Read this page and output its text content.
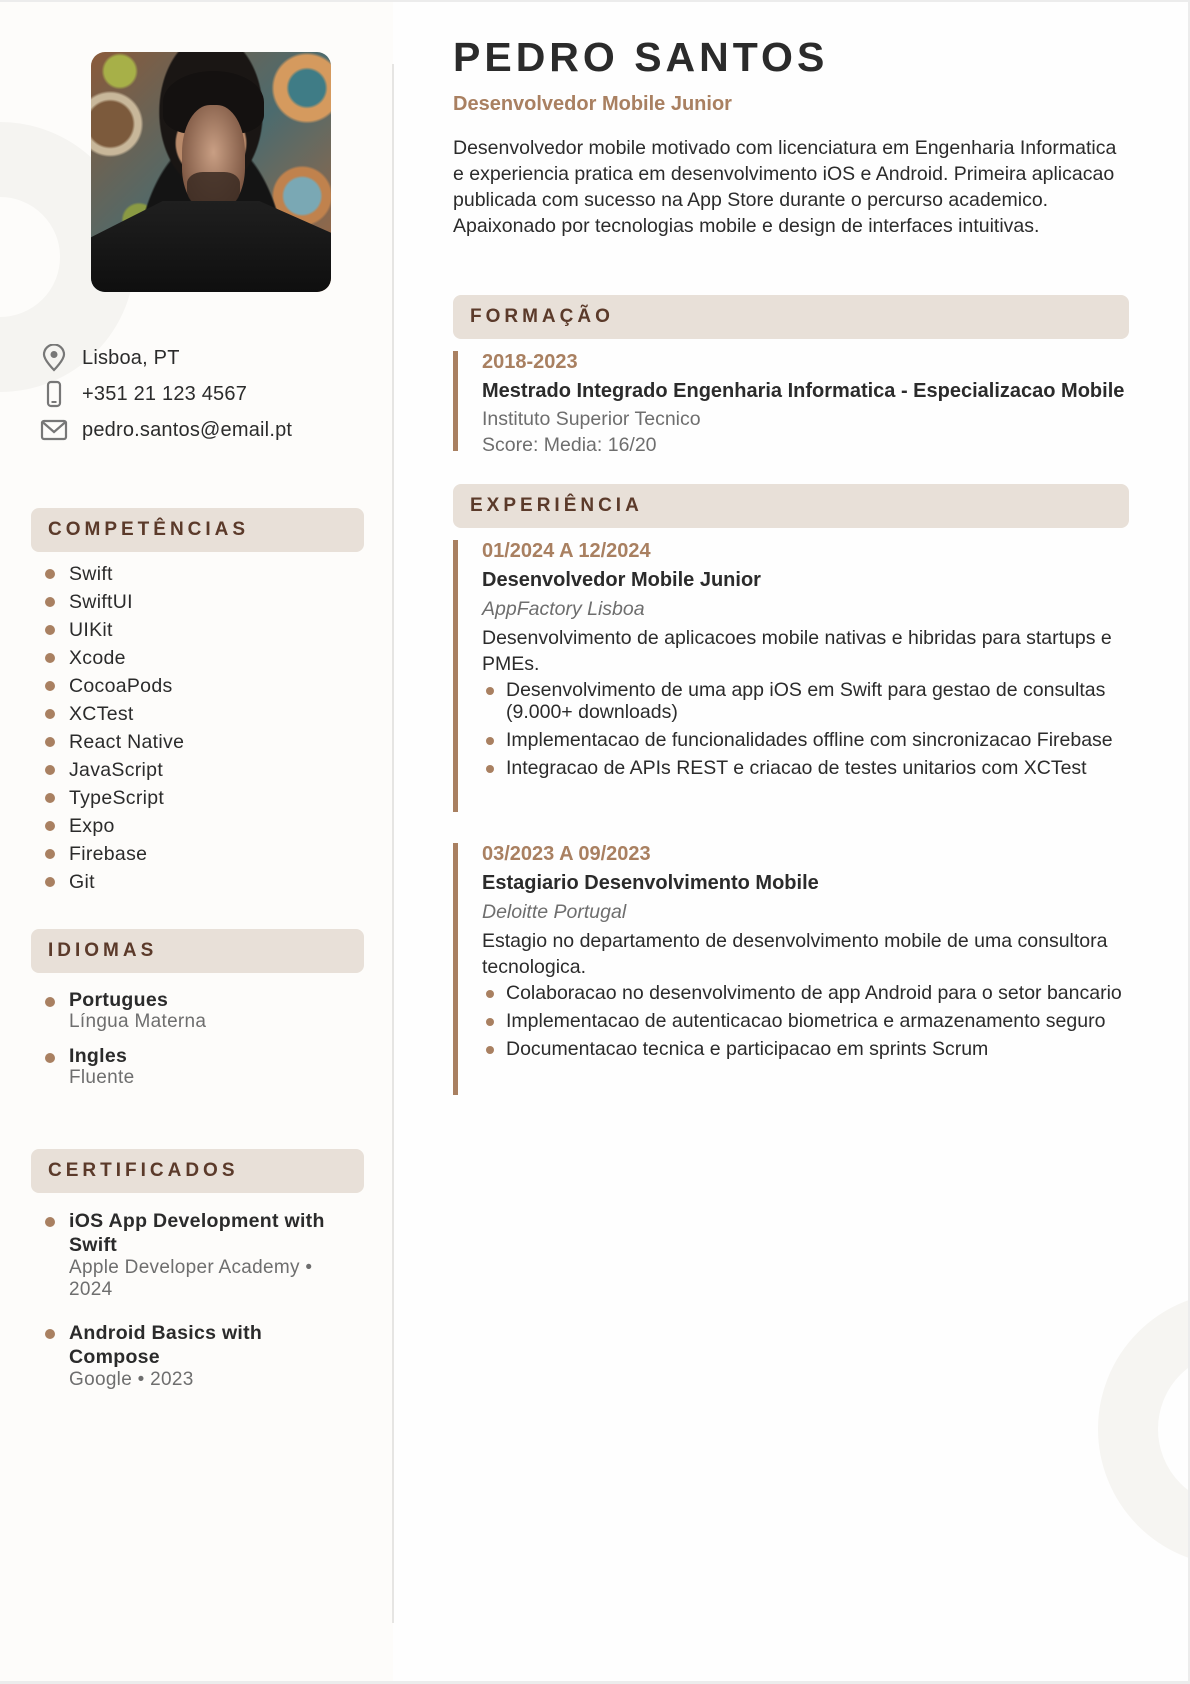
Lisboa, PT
+351 21 123 4567
pedro.santos@email.pt
COMPETÊNCIAS
Swift
SwiftUI
UIKit
Xcode
CocoaPods
XCTest
React Native
JavaScript
TypeScript
Expo
Firebase
Git
IDIOMAS
Portugues
Língua Materna
Ingles
Fluente
CERTIFICADOS
iOS App Development with Swift
Apple Developer Academy • 2024
Android Basics with Compose
Google • 2023
PEDRO SANTOS
Desenvolvedor Mobile Junior
Desenvolvedor mobile motivado com licenciatura em Engenharia Informatica e experiencia pratica em desenvolvimento iOS e Android. Primeira aplicacao publicada com sucesso na App Store durante o percurso academico. Apaixonado por tecnologias mobile e design de interfaces intuitivas.
FORMAÇÃO
2018-2023
Mestrado Integrado Engenharia Informatica - Especializacao Mobile
Instituto Superior Tecnico
Score: Media: 16/20
EXPERIÊNCIA
01/2024 A 12/2024
Desenvolvedor Mobile Junior
AppFactory Lisboa
Desenvolvimento de aplicacoes mobile nativas e hibridas para startups e PMEs.
Desenvolvimento de uma app iOS em Swift para gestao de consultas (9.000+ downloads)
Implementacao de funcionalidades offline com sincronizacao Firebase
Integracao de APIs REST e criacao de testes unitarios com XCTest
03/2023 A 09/2023
Estagiario Desenvolvimento Mobile
Deloitte Portugal
Estagio no departamento de desenvolvimento mobile de uma consultora tecnologica.
Colaboracao no desenvolvimento de app Android para o setor bancario
Implementacao de autenticacao biometrica e armazenamento seguro
Documentacao tecnica e participacao em sprints Scrum
